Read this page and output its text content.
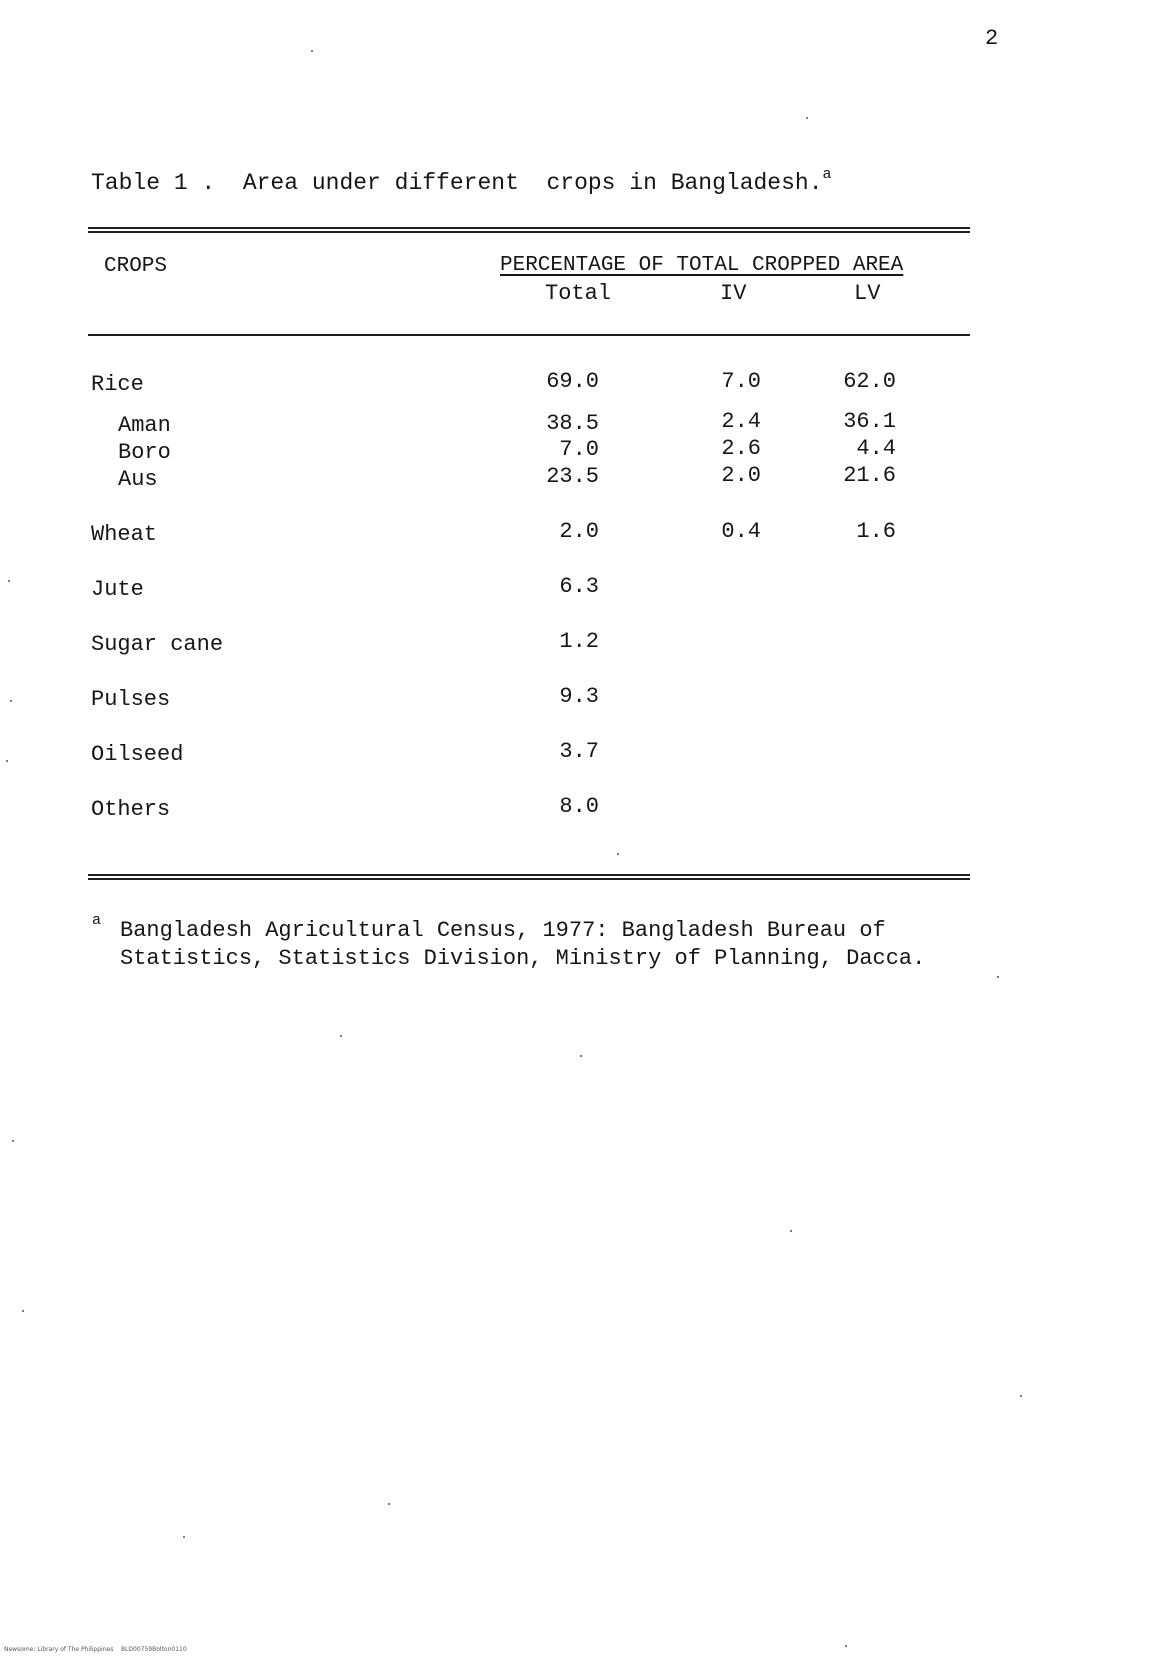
2
Table 1 .  Area under different  crops in Bangladesh.$^a$
CROPS	PERCENTAGE OF TOTAL CROPPED AREA
Total	IV	LV
Rice	69.0	7.0	62.0
Aman	38.5	2.4	36.1
Boro	7.0	2.6	4.4
Aus	23.5	2.0	21.6
Wheat	2.0	0.4	1.6
Jute	6.3
Sugar cane	1.2
Pulses	9.3
Oilseed	3.7
Others	8.0
a Bangladesh Agricultural Census, 1977: Bangladesh Bureau of
Statistics, Statistics Division, Ministry of Planning, Dacca.
Newsome: Library of The Philippines    BLD00759Bolton0110
